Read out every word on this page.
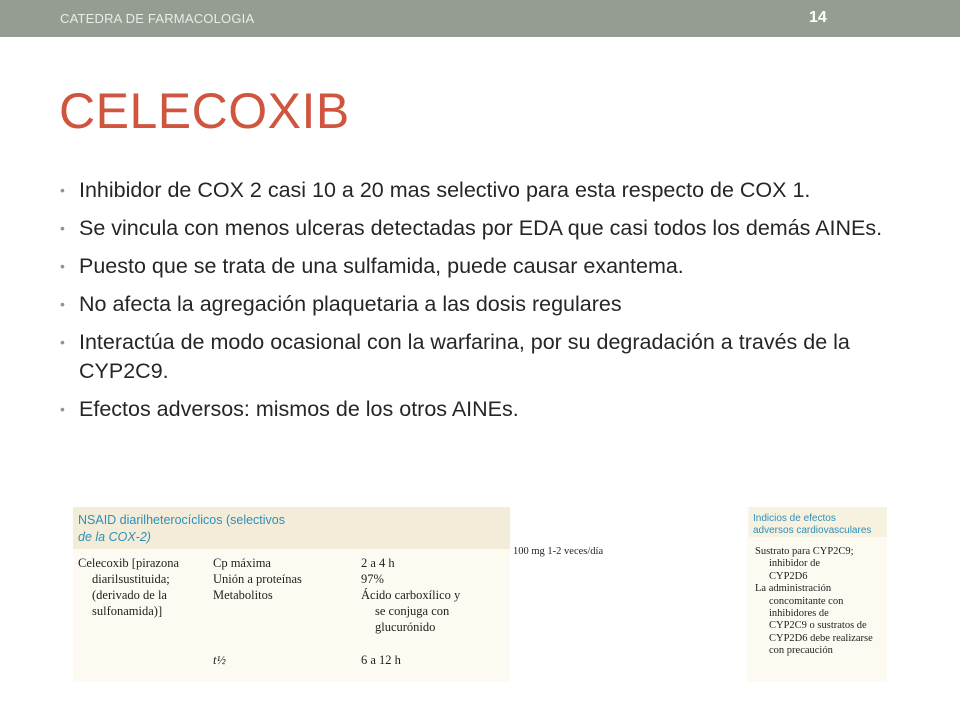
CATEDRA DE FARMACOLOGIA	14
CELECOXIB
• Inhibidor de COX 2 casi 10 a 20 mas selectivo para esta respecto de COX 1.
• Se vincula con menos ulceras detectadas por EDA que casi todos los demás AINEs.
• Puesto que se trata de una sulfamida, puede causar exantema.
• No afecta la agregación plaquetaria a las dosis regulares
• Interactúa de modo ocasional con la warfarina, por su degradación a través de la CYP2C9.
• Efectos adversos: mismos de los otros AINEs.
NSAID diarilheterocíclicos (selectivos
de la COX-2)
Indicios de efectos
adversos cardiovasculares
Celecoxib [pirazona

diarilsustituida;
(derivado de la
sulfonamida)]
Cp máxima
Unión a proteínas
Metabolitos
t½
2 a 4 h
97%
Ácido carboxílico y

se conjuga con
glucurónido
6 a 12 h
100 mg 1-2 veces/día	Sustrato para CYP2C9;

inhibidor de
CYP2D6
La administración

concomitante con
inhibidores de
CYP2C9 o sustratos de
CYP2D6 debe realizarse
con precaución
